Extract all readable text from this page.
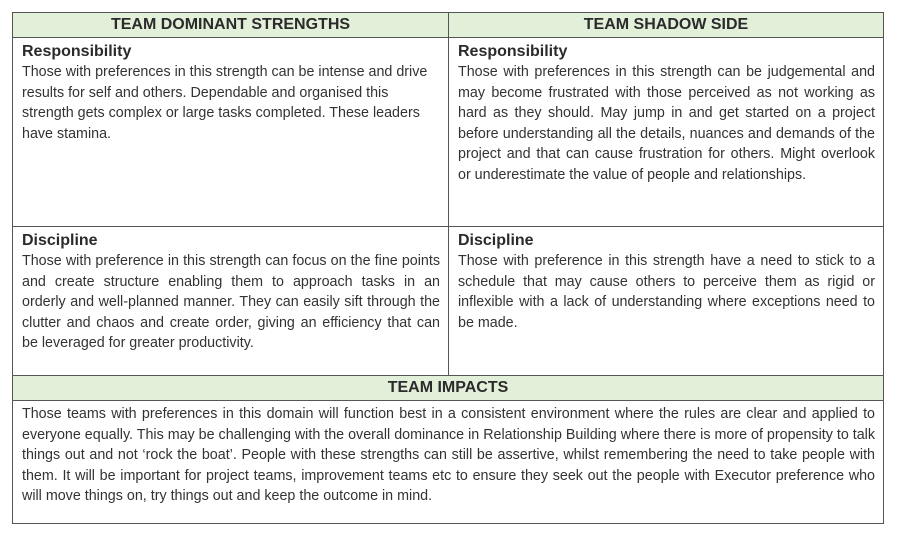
TEAM DOMINANT STRENGTHS	TEAM SHADOW SIDE
Responsibility
Those with preferences in this strength can be intense and drive results for self and others. Dependable and organised this strength gets complex or large tasks completed. These leaders have stamina.
Responsibility
Those with preferences in this strength can be judgemental and may become frustrated with those perceived as not working as hard as they should. May jump in and get started on a project before understanding all the details, nuances and demands of the project and that can cause frustration for others. Might overlook or underestimate the value of people and relationships.
Discipline
Those with preference in this strength can focus on the fine points and create structure enabling them to approach tasks in an orderly and well-planned manner. They can easily sift through the clutter and chaos and create order, giving an efficiency that can be leveraged for greater productivity.
Discipline
Those with preference in this strength have a need to stick to a schedule that may cause others to perceive them as rigid or inflexible with a lack of understanding where exceptions need to be made.
TEAM IMPACTS
Those teams with preferences in this domain will function best in a consistent environment where the rules are clear and applied to everyone equally. This may be challenging with the overall dominance in Relationship Building where there is more of propensity to talk things out and not ‘rock the boat’. People with these strengths can still be assertive, whilst remembering the need to take people with them. It will be important for project teams, improvement teams etc to ensure they seek out the people with Executor preference who will move things on, try things out and keep the outcome in mind.
